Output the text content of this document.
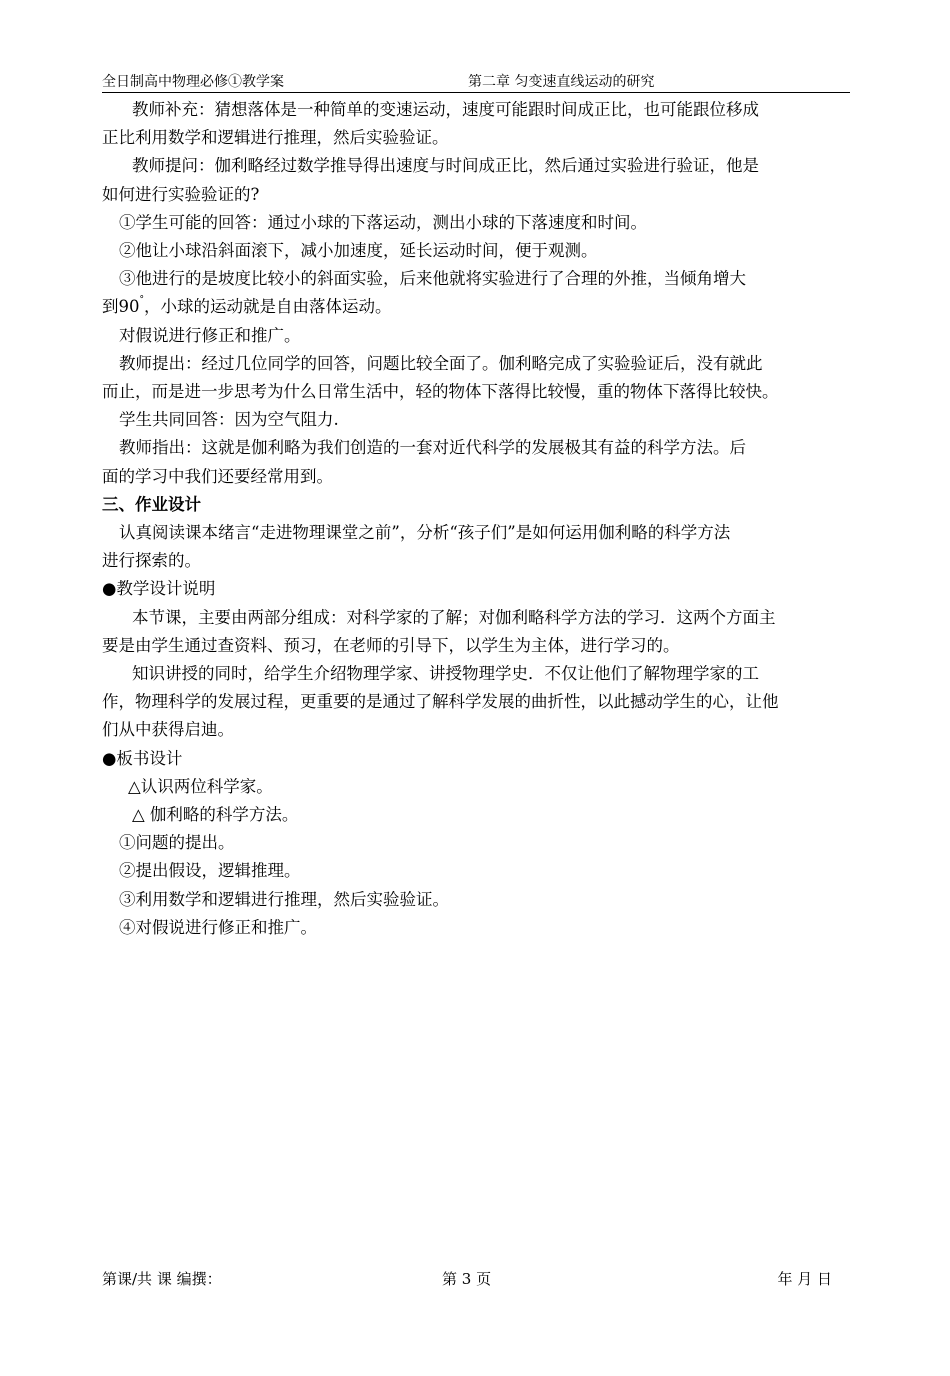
全日制高中物理必修①教学案	第二章 匀变速直线运动的研究

教师补充：猜想落体是一种简单的变速运动，速度可能跟时间成正比，也可能跟位移成

正比利用数学和逻辑进行推理，然后实验验证。

教师提问：伽利略经过数学推导得出速度与时间成正比，然后通过实验进行验证，他是

如何进行实验验证的?

①学生可能的回答：通过小球的下落运动，测出小球的下落速度和时间。

②他让小球沿斜面滚下，减小加速度，延长运动时间，便于观测。

③他进行的是坡度比较小的斜面实验，后来他就将实验进行了合理的外推，当倾角增大

到90°，小球的运动就是自由落体运动。

对假说进行修正和推广。

教师提出：经过几位同学的回答，问题比较全面了。伽利略完成了实验验证后，没有就此

而止，而是进一步思考为什么日常生活中，轻的物体下落得比较慢，重的物体下落得比较快。

学生共同回答：因为空气阻力.

教师指出：这就是伽利略为我们创造的一套对近代科学的发展极其有益的科学方法。后

面的学习中我们还要经常用到。

三、作业设计

认真阅读课本绪言“走进物理课堂之前”，分析“孩子们”是如何运用伽利略的科学方法

进行探索的。

●教学设计说明

本节课，主要由两部分组成：对科学家的了解；对伽利略科学方法的学习．这两个方面主

要是由学生通过查资料、预习，在老师的引导下，以学生为主体，进行学习的。

知识讲授的同时，给学生介绍物理学家、讲授物理学史．不仅让他们了解物理学家的工

作，物理科学的发展过程，更重要的是通过了解科学发展的曲折性，以此撼动学生的心，让他

们从中获得启迪。

●板书设计

△认识两位科学家。

△ 伽利略的科学方法。

①问题的提出。

②提出假设，逻辑推理。

③利用数学和逻辑进行推理，然后实验验证。

④对假说进行修正和推广。

第课/共 课 编撰：	第 3 页	年 月 日
